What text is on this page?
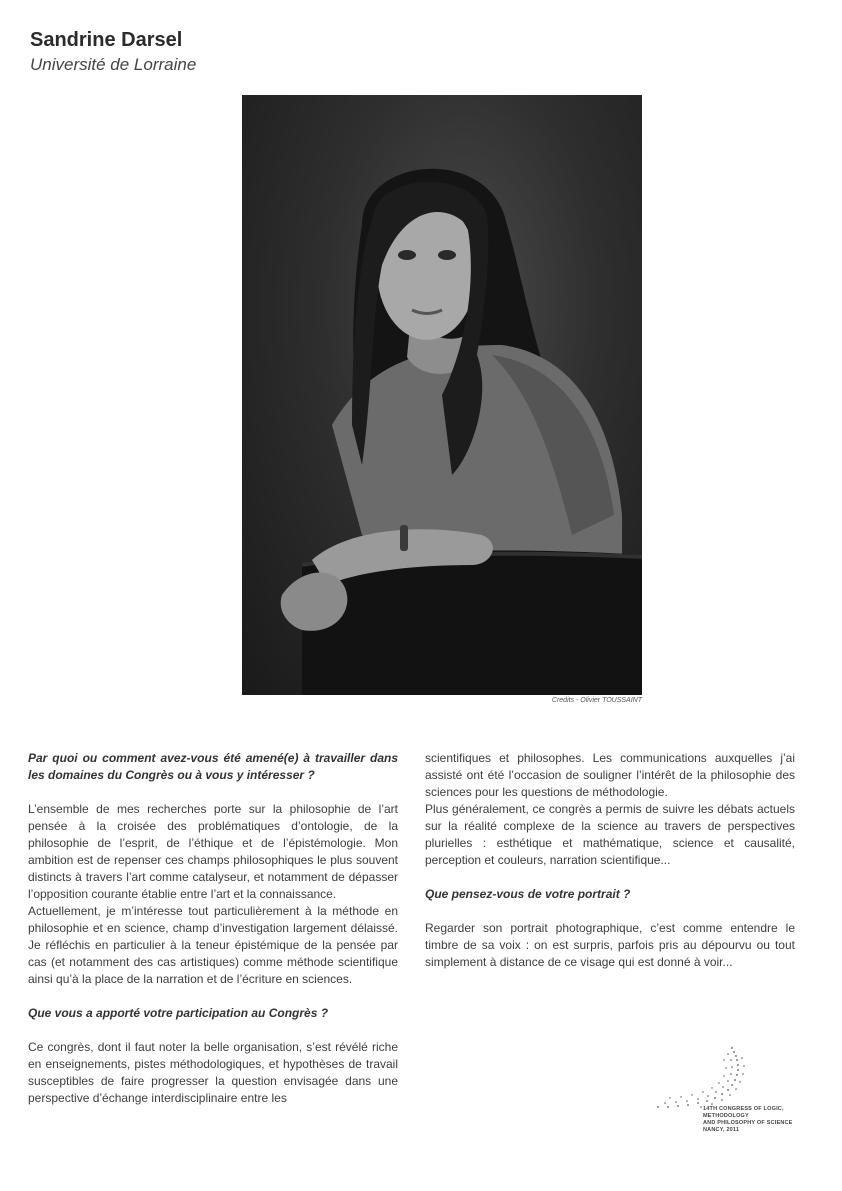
Sandrine Darsel
Université de Lorraine
Credits - Olivier TOUSSAINT

Par quoi ou comment avez-vous été amené(e) à travailler dans les domaines du Congrès ou à vous y intéresser ?

L’ensemble de mes recherches porte sur la philosophie de l’art pensée à la croisée des problématiques d’ontologie, de la philosophie de l’esprit, de l’éthique et de l’épistémologie. Mon ambition est de repenser ces champs philosophiques le plus souvent distincts à travers l’art comme catalyseur, et notamment de dépasser l’opposition courante établie entre l’art et la connaissance.

Actuellement, je m’intéresse tout particulièrement à la méthode en philosophie et en science, champ d’investigation largement délaissé. Je réfléchis en particulier à la teneur épistémique de la pensée par cas (et notamment des cas artistiques) comme méthode scientifique ainsi qu’à la place de la narration et de l’écriture en sciences.

Que vous a apporté votre participation au Congrès ?

Ce congrès, dont il faut noter la belle organisation, s’est révélé riche en enseignements, pistes méthodologiques, et hypothèses de travail susceptibles de faire progresser la question envisagée dans une perspective d’échange interdisciplinaire entre les

scientifiques et philosophes. Les communications auxquelles j’ai assisté ont été l’occasion de souligner l’intérêt de la philosophie des sciences pour les questions de méthodologie.

Plus généralement, ce congrès a permis de suivre les débats actuels sur la réalité complexe de la science au travers de perspectives plurielles : esthétique et mathématique, science et causalité, perception et couleurs, narration scientifique...

Que pensez-vous de votre portrait ?

Regarder son portrait photographique, c’est comme entendre le timbre de sa voix : on est surpris, parfois pris au dépourvu ou tout simplement à distance de ce visage qui est donné à voir...

14TH CONGRESS OF LOGIC,
METHODOLOGY
AND PHILOSOPHY OF SCIENCE
NANCY, 2011
